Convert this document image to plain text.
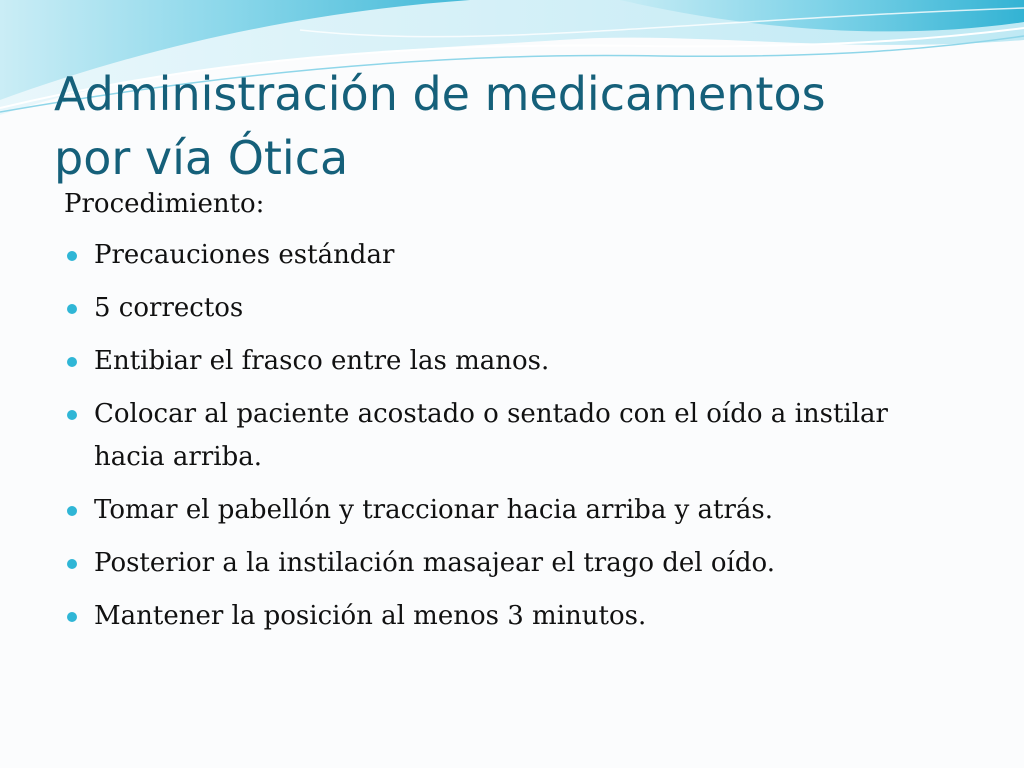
Administración de medicamentos
por vía Ótica

Procedimiento:

Precauciones estándar
5 correctos
Entibiar el frasco entre las manos.
Colocar al paciente acostado o sentado con el oído a instilar hacia arriba.
Tomar el pabellón y traccionar hacia arriba y atrás.
Posterior a la instilación masajear el trago del oído.
Mantener la posición al menos 3 minutos.
